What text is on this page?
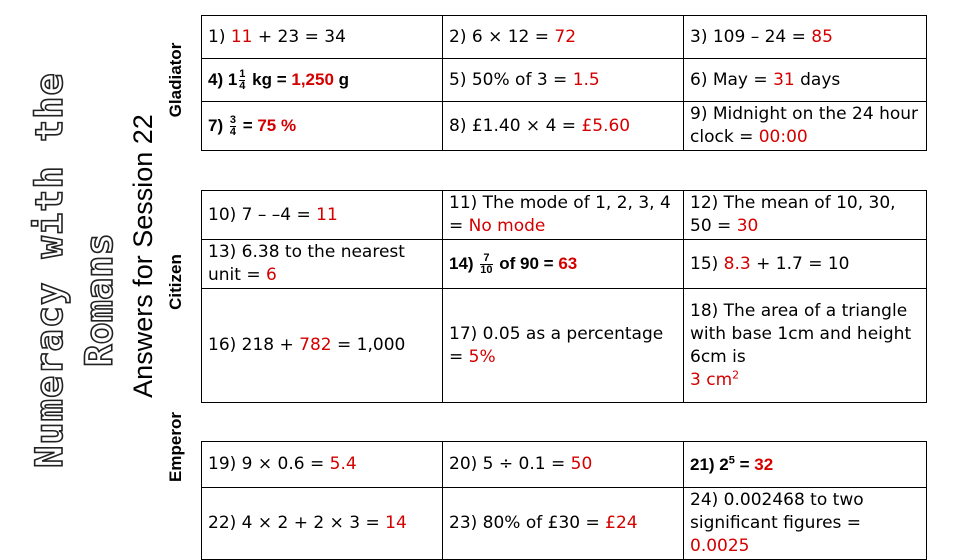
Numeracy with the Romans Answers for Session 22
Gladiator
Citizen
Emperor
1) 11 + 23 = 34	2) 6 × 12 = 72	3) 109 – 24 = 85
4) $1 \frac{1}{4}$ kg = 1,250 g	5) 50% of 3 = 1.5	6) May = 31 days
$7) \frac{3}{4} = 75$ %	8) £1.40 × 4 = £5.60	9) Midnight on the 24 hour clock = 00:00
10) 7 – –4 = 11	11) The mode of 1, 2, 3, 4 = No mode	12) The mean of 10, 30, 50 = 30
13) 6.38 to the nearest unit = 6	$14) \frac{7}{10}$ of 90 = 63	15) 8.3 + 1.7 = 10
16) 218 + 782 = 1,000	17) 0.05 as a percentage = 5%	18) The area of a triangle with base 1cm and height 6cm is
3 $cm^2$
19) 9 × 0.6 = 5.4	20) 5 ÷ 0.1 = 50	21) $2^5 = 32$
22) 4 × 2 + 2 × 3 = 14	23) 80% of £30 = £24	24) 0.002468 to two significant figures = 0.0025
